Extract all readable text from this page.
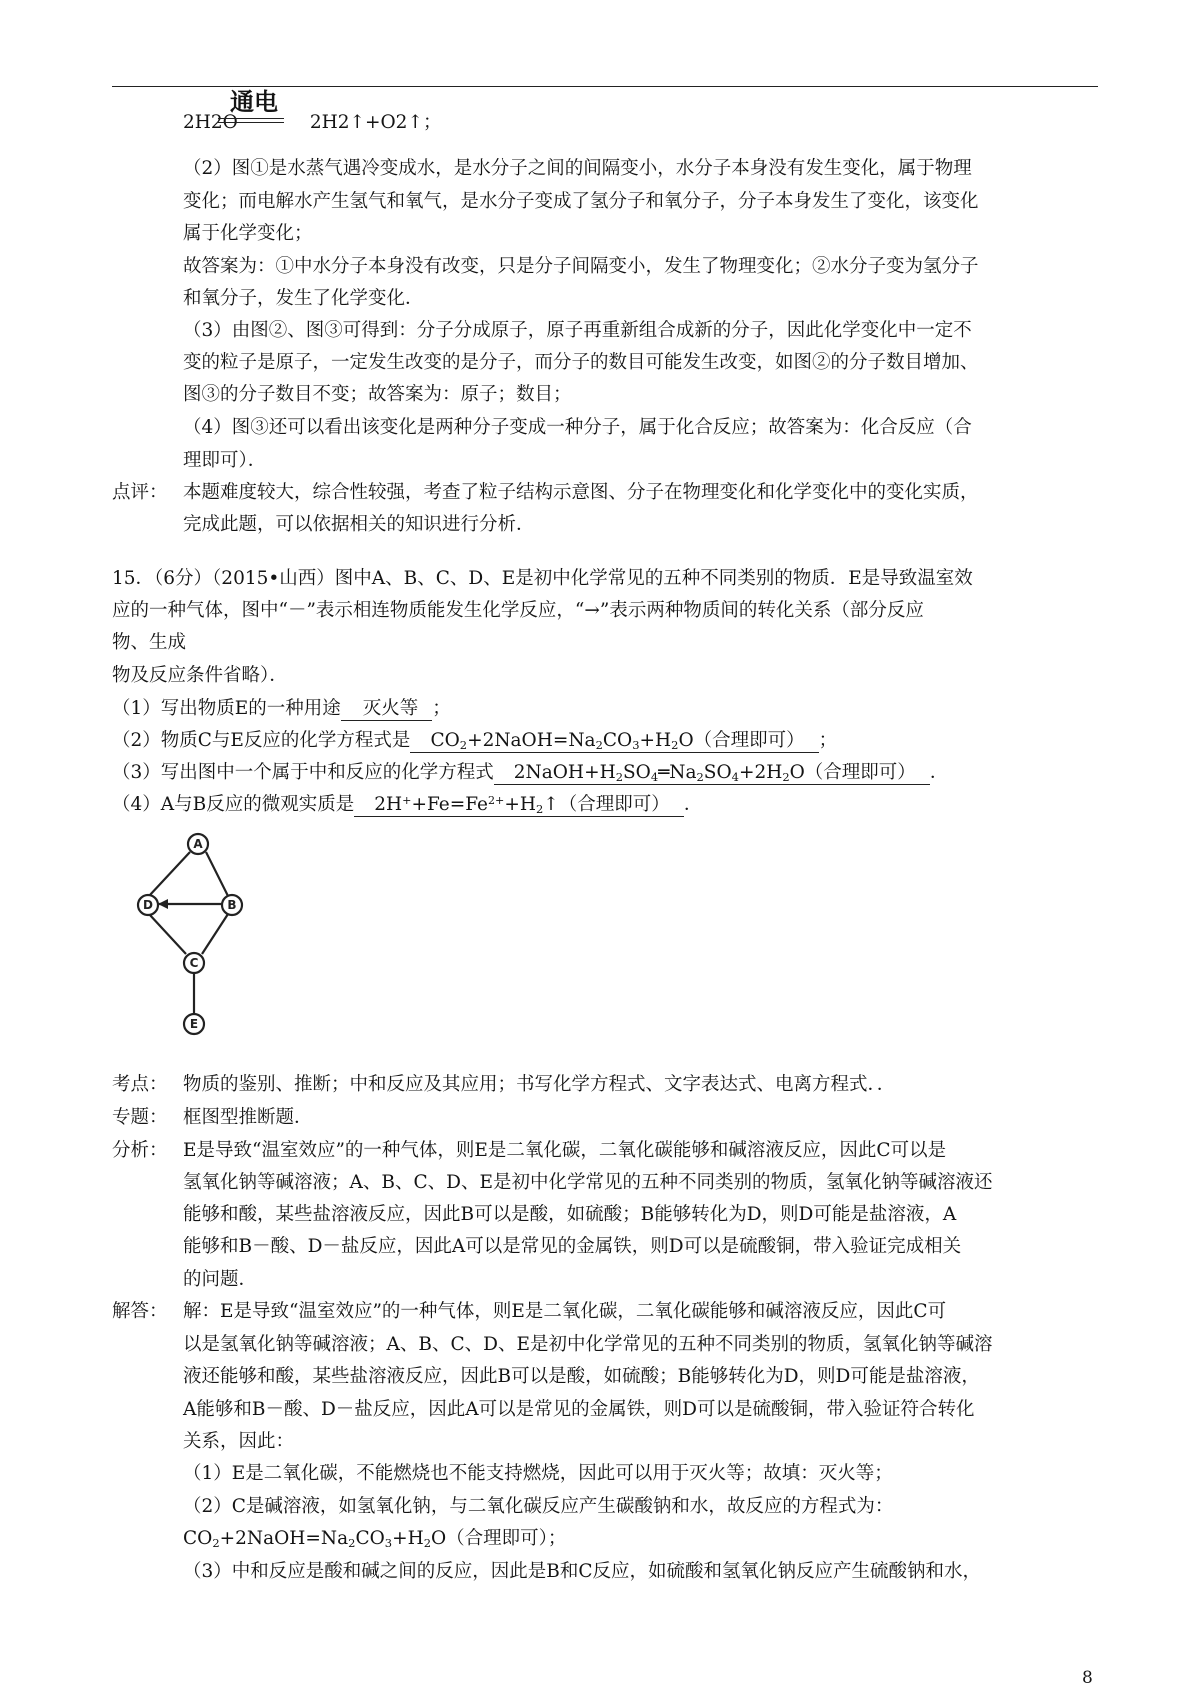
通电
2H2O	2H2↑+O2↑；
（2）图①是水蒸气遇冷变成水，是水分子之间的间隔变小，水分子本身没有发生变化，属于物理
变化；而电解水产生氢气和氧气，是水分子变成了氢分子和氧分子，分子本身发生了变化，该变化
属于化学变化；
故答案为：①中水分子本身没有改变，只是分子间隔变小，发生了物理变化；②水分子变为氢分子
和氧分子，发生了化学变化．
（3）由图②、图③可得到：分子分成原子，原子再重新组合成新的分子，因此化学变化中一定不
变的粒子是原子，一定发生改变的是分子，而分子的数目可能发生改变，如图②的分子数目增加、
图③的分子数目不变；故答案为：原子；数目；
（4）图③还可以看出该变化是两种分子变成一种分子，属于化合反应；故答案为：化合反应（合
理即可）．
点评： 本题难度较大，综合性较强，考查了粒子结构示意图、分子在物理变化和化学变化中的变化实质，
完成此题，可以依据相关的知识进行分析．
15．（6分）（2015•山西）图中A、B、C、D、E是初中化学常见的五种不同类别的物质．E是导致温室效
应的一种气体，图中“－”表示相连物质能发生化学反应，“→”表示两种物质间的转化关系（部分反应
物、生成
物及反应条件省略）．
（1）写出物质E的一种用途 灭火等 ；
（2）物质C与E反应的化学方程式是 $CO_2+2NaOH=Na_2CO_3+H_2O$（合理即可） ；
（3）写出图中一个属于中和反应的化学方程式 $2NaOH+H_2SO_4═Na_2SO_4+2H_2O$（合理即可） ．
（4）A与B反应的微观实质是 $2H^++Fe=Fe^{2+}+H_2↑$（合理即可） ．
A
B
C
D
E
考点： 物质的鉴别、推断；中和反应及其应用；书写化学方程式、文字表达式、电离方程式．．
专题： 框图型推断题．
分析： E是导致“温室效应”的一种气体，则E是二氧化碳，二氧化碳能够和碱溶液反应，因此C可以是
氢氧化钠等碱溶液；A、B、C、D、E是初中化学常见的五种不同类别的物质，氢氧化钠等碱溶液还
能够和酸，某些盐溶液反应，因此B可以是酸，如硫酸；B能够转化为D，则D可能是盐溶液，A
能够和B－酸、D－盐反应，因此A可以是常见的金属铁，则D可以是硫酸铜，带入验证完成相关
的问题．
解答： 解：E是导致“温室效应”的一种气体，则E是二氧化碳，二氧化碳能够和碱溶液反应，因此C可
以是氢氧化钠等碱溶液；A、B、C、D、E是初中化学常见的五种不同类别的物质，氢氧化钠等碱溶
液还能够和酸，某些盐溶液反应，因此B可以是酸，如硫酸；B能够转化为D，则D可能是盐溶液，
A能够和B－酸、D－盐反应，因此A可以是常见的金属铁，则D可以是硫酸铜，带入验证符合转化
关系，因此：
（1）E是二氧化碳，不能燃烧也不能支持燃烧，因此可以用于灭火等；故填：灭火等；
（2）C是碱溶液，如氢氧化钠，与二氧化碳反应产生碳酸钠和水，故反应的方程式为：
$CO_2+2NaOH=Na_2CO_3+H_2O$（合理即可）；
（3）中和反应是酸和碱之间的反应，因此是B和C反应，如硫酸和氢氧化钠反应产生硫酸钠和水，
8
